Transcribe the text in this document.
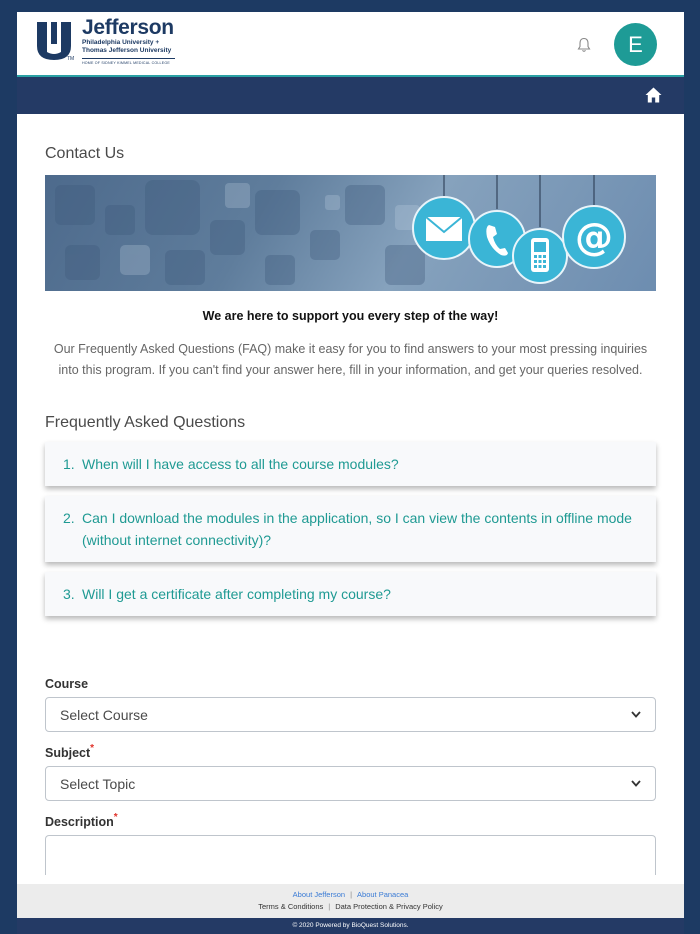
TM
Jefferson
Philadelphia University +
Thomas Jefferson University
HOME OF SIDNEY KIMMEL MEDICAL COLLEGE
E
Contact Us
@
We are here to support you every step of the way!
Our Frequently Asked Questions (FAQ) make it easy for you to find answers to your most pressing inquiries into this program. If you can't find your answer here, fill in your information, and get your queries resolved.
Frequently Asked Questions
1. When will I have access to all the course modules?
2. Can I download the modules in the application, so I can view the contents in offline mode (without internet connectivity)?
3. Will I get a certificate after completing my course?
Course
Select Course
Subject*
Select Topic
Description*
About Jefferson | About Panacea
Terms & Conditions | Data Protection & Privacy Policy
© 2020 Powered by BioQuest Solutions.
